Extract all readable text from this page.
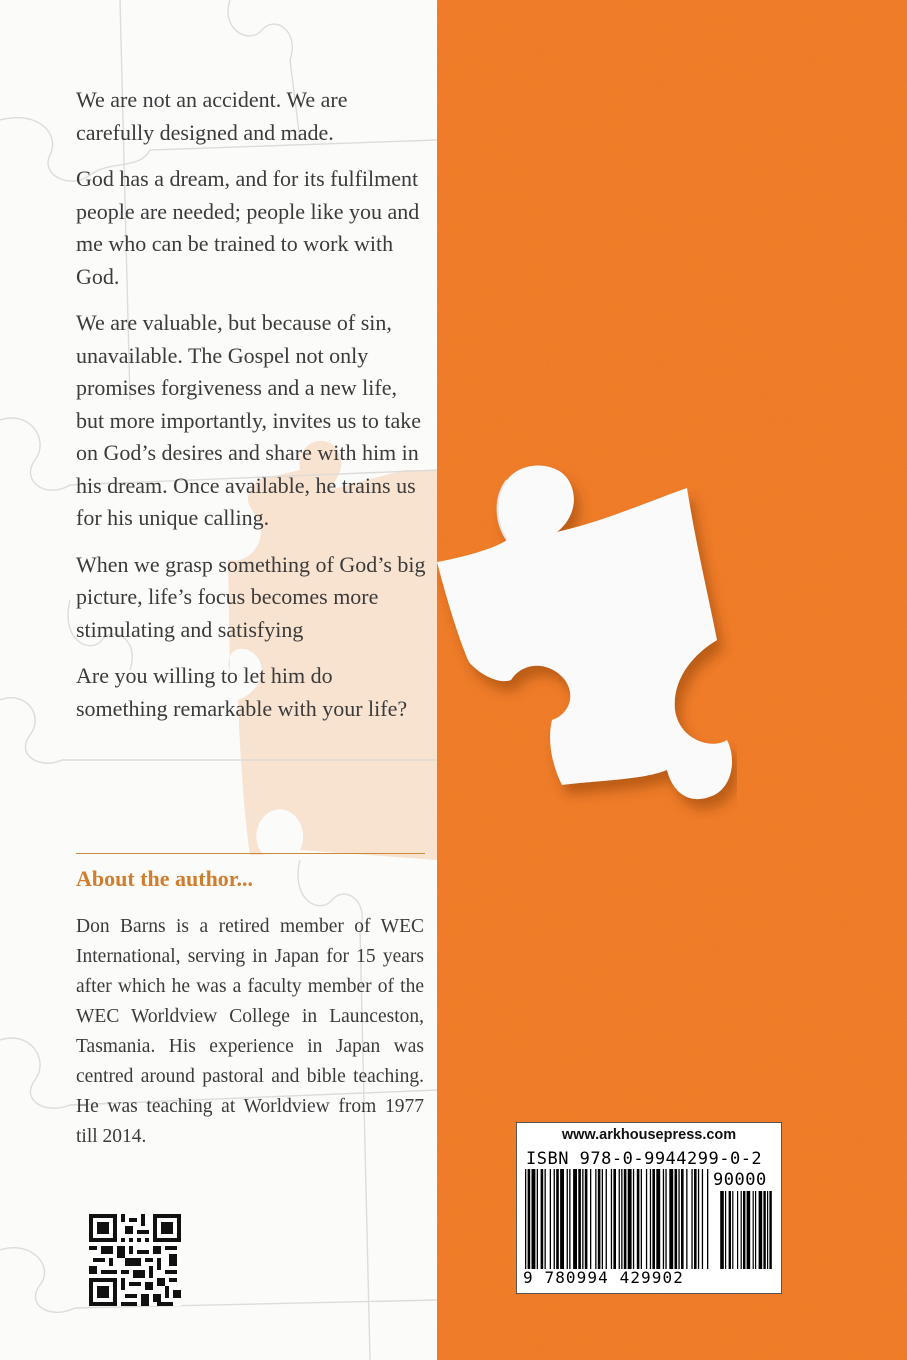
We are not an accident. We are carefully designed and made.

God has a dream, and for its fulfilment people are needed; people like you and me who can be trained to work with God.

We are valuable, but because of sin, unavailable. The Gospel not only promises forgiveness and a new life, but more importantly, invites us to take on God’s desires and share with him in his dream. Once available, he trains us for his unique calling.

When we grasp something of God’s big picture, life’s focus becomes more stimulating and satisfying

Are you willing to let him do something remarkable with your life?

About the author...

Don Barns is a retired member of WEC International, serving in Japan for 15 years after which he was a faculty member of the WEC Worldview College in Launceston, Tasmania. His experience in Japan was centred around pastoral and bible teaching. He was teaching at Worldview from 1977 till 2014.	www.arkhousepress.com
ISBN 978-0-9944299-0-2
90000
9 780994 429902
